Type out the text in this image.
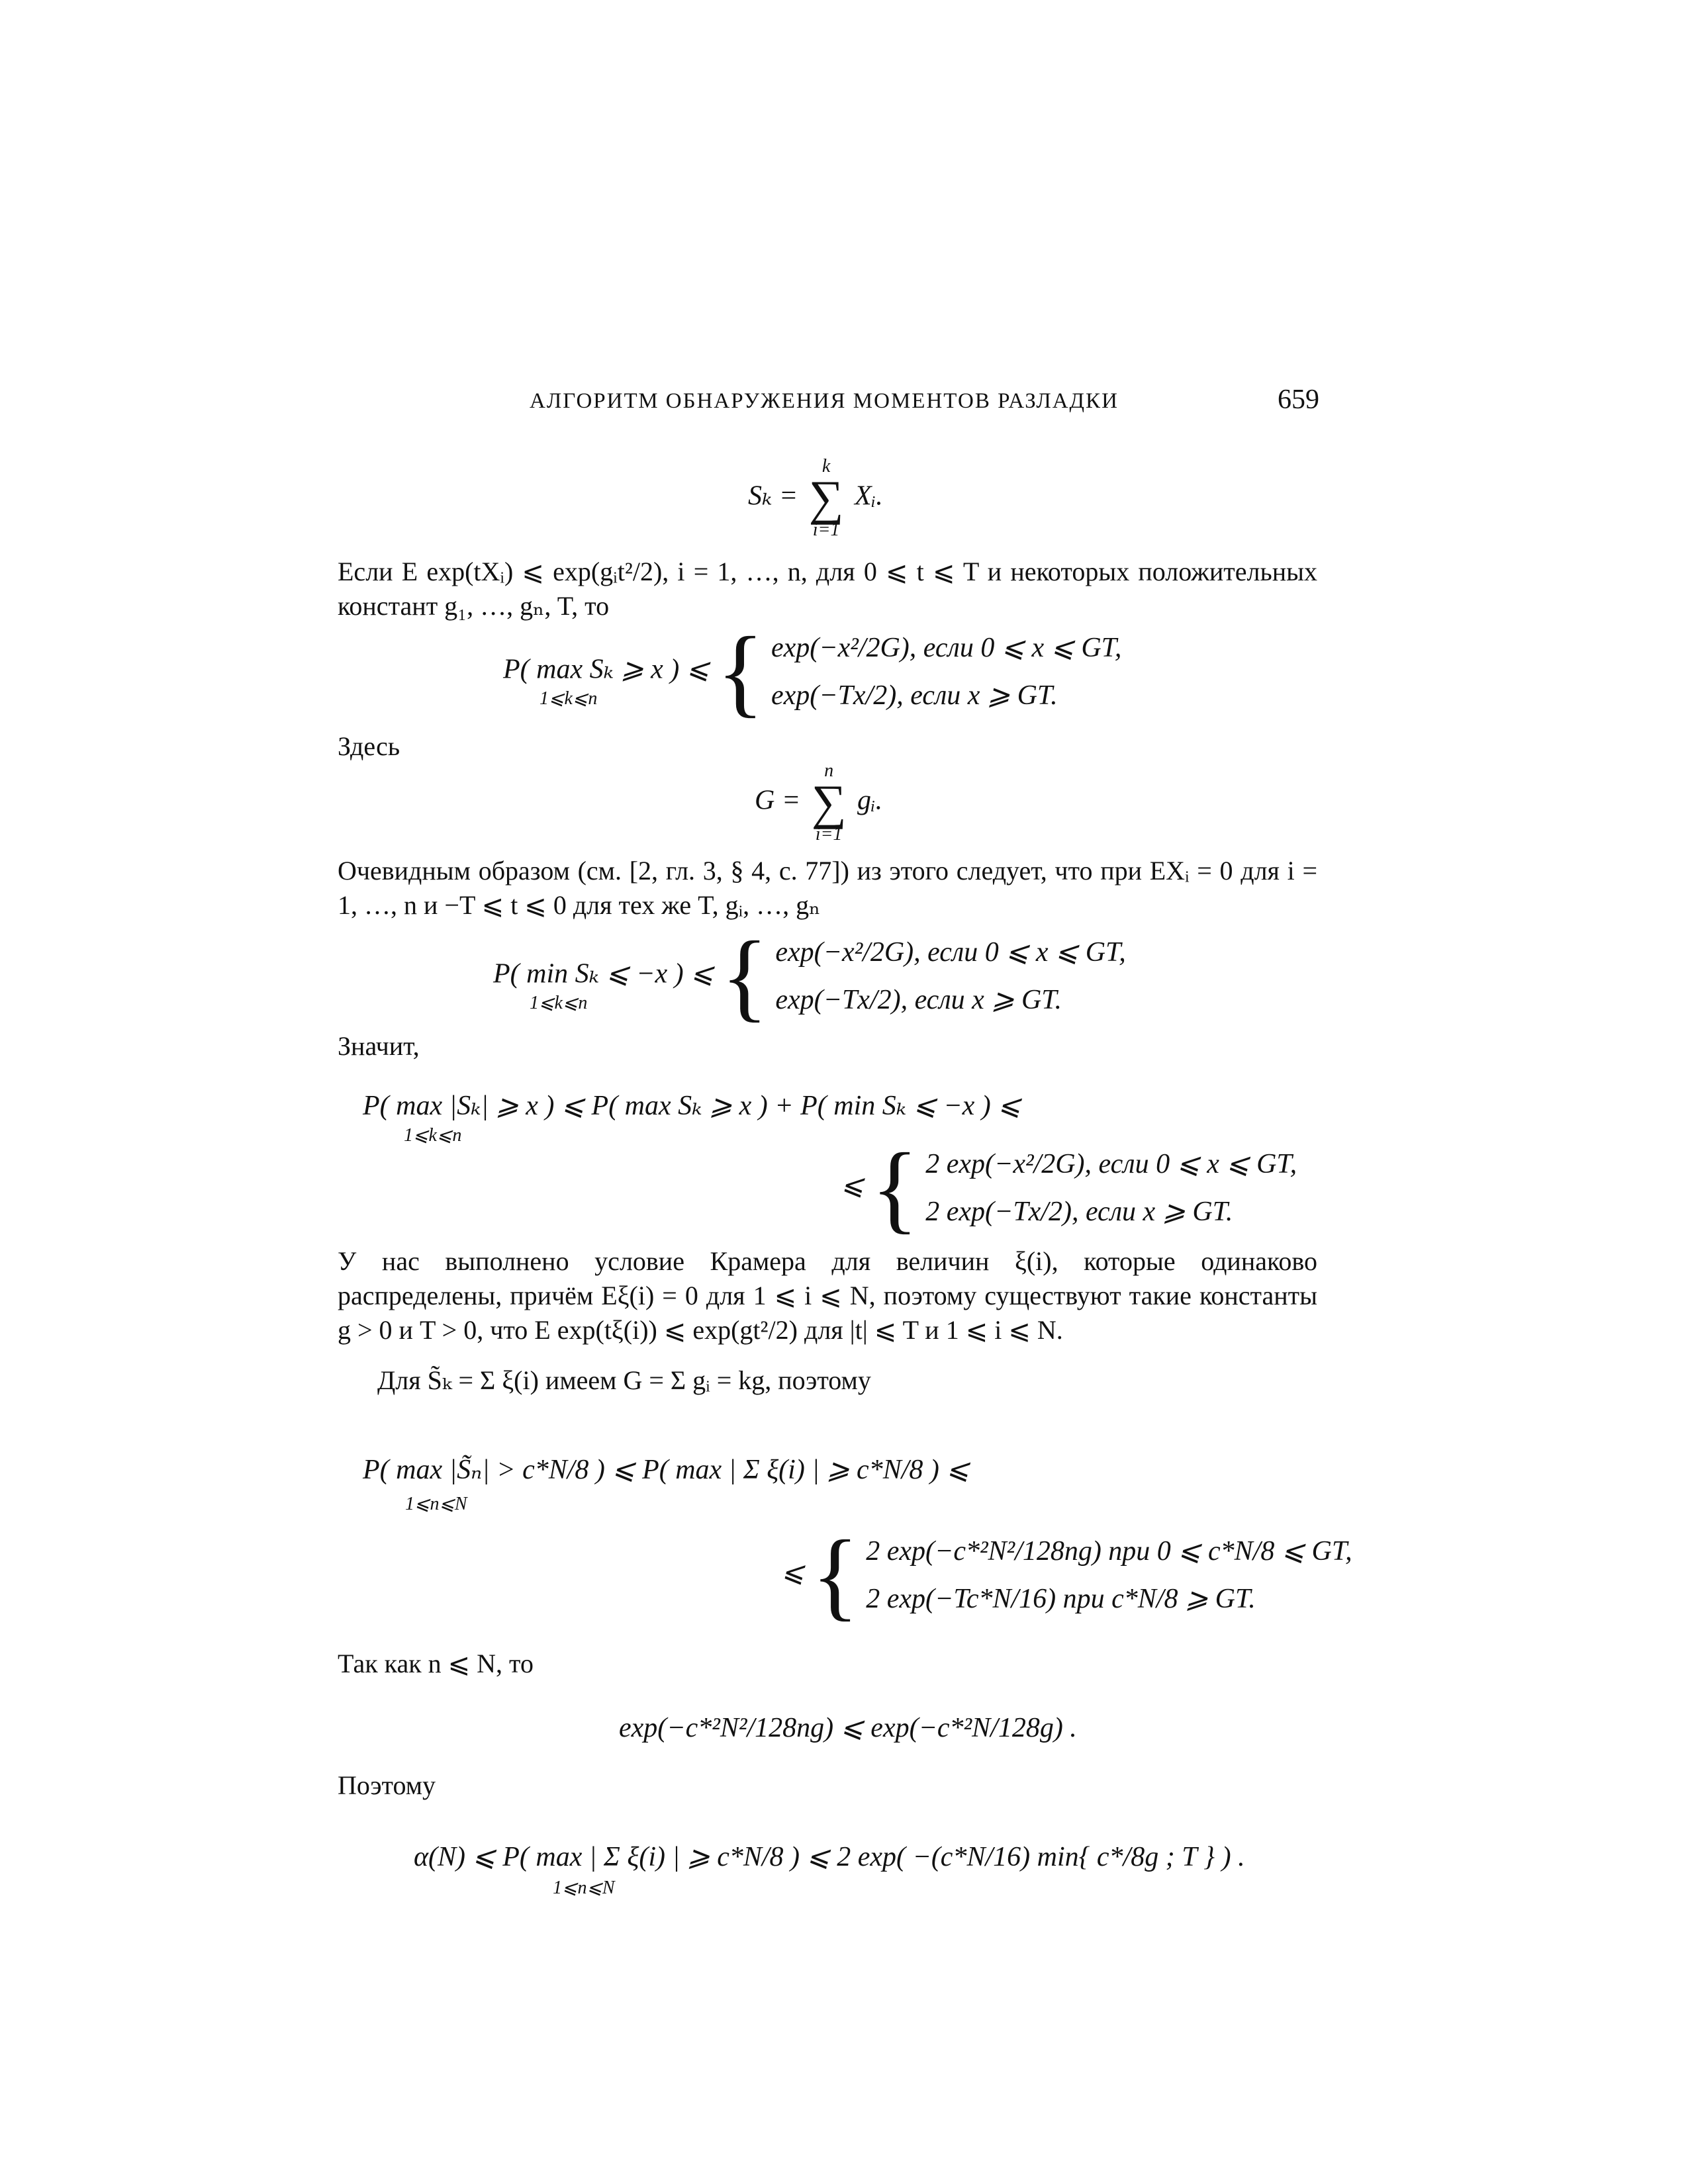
АЛГОРИТМ ОБНАРУЖЕНИЯ МОМЕНТОВ РАЗЛАДКИ	659
Sₖ =
k
∑
i=1
Xᵢ.
Если E exp(tXᵢ) ⩽ exp(gᵢt²/2), i = 1, …, n, для 0 ⩽ t ⩽ T и некоторых положительных констант g₁, …, gₙ, T, то
P( max Sₖ ⩾ x ) ⩽ { exp(−x²/2G), если 0 ⩽ x ⩽ GT,
exp(−Tx/2), если x ⩾ GT.
1⩽k⩽n
Здесь
G =
n
∑
i=1
gᵢ.
Очевидным образом (см. [2, гл. 3, § 4, с. 77]) из этого следует, что при EXᵢ = 0 для i = 1, …, n и −T ⩽ t ⩽ 0 для тех же T, gᵢ, …, gₙ
P( min Sₖ ⩽ −x ) ⩽ { exp(−x²/2G), если 0 ⩽ x ⩽ GT,
exp(−Tx/2), если x ⩾ GT.
1⩽k⩽n
Значит,
P( max |Sₖ| ⩾ x ) ⩽ P( max Sₖ ⩾ x ) + P( min Sₖ ⩽ −x ) ⩽
1⩽k⩽n
⩽ { 2 exp(−x²/2G), если 0 ⩽ x ⩽ GT,
2 exp(−Tx/2), если x ⩾ GT.
У нас выполнено условие Крамера для величин ξ(i), которые одинаково распределены, причём Eξ(i) = 0 для 1 ⩽ i ⩽ N, поэтому существуют такие константы g > 0 и T > 0, что E exp(tξ(i)) ⩽ exp(gt²/2) для |t| ⩽ T и 1 ⩽ i ⩽ N.
Для S̃ₖ = Σ ξ(i) имеем G = Σ gᵢ = kg, поэтому
P( max |S̃ₙ| > c*N/8 ) ⩽ P( max | Σ ξ(i) | ⩾ c*N/8 ) ⩽
1⩽n⩽N
⩽ { 2 exp(−c*²N²/128ng) при 0 ⩽ c*N/8 ⩽ GT,
2 exp(−Tc*N/16) при c*N/8 ⩾ GT.
Так как n ⩽ N, то
exp(−c*²N²/128ng) ⩽ exp(−c*²N/128g) .
Поэтому
α(N) ⩽ P( max | Σ ξ(i) | ⩾ c*N/8 ) ⩽ 2 exp( −(c*N/16) min{ c*/8g ; T } ) .
1⩽n⩽N
